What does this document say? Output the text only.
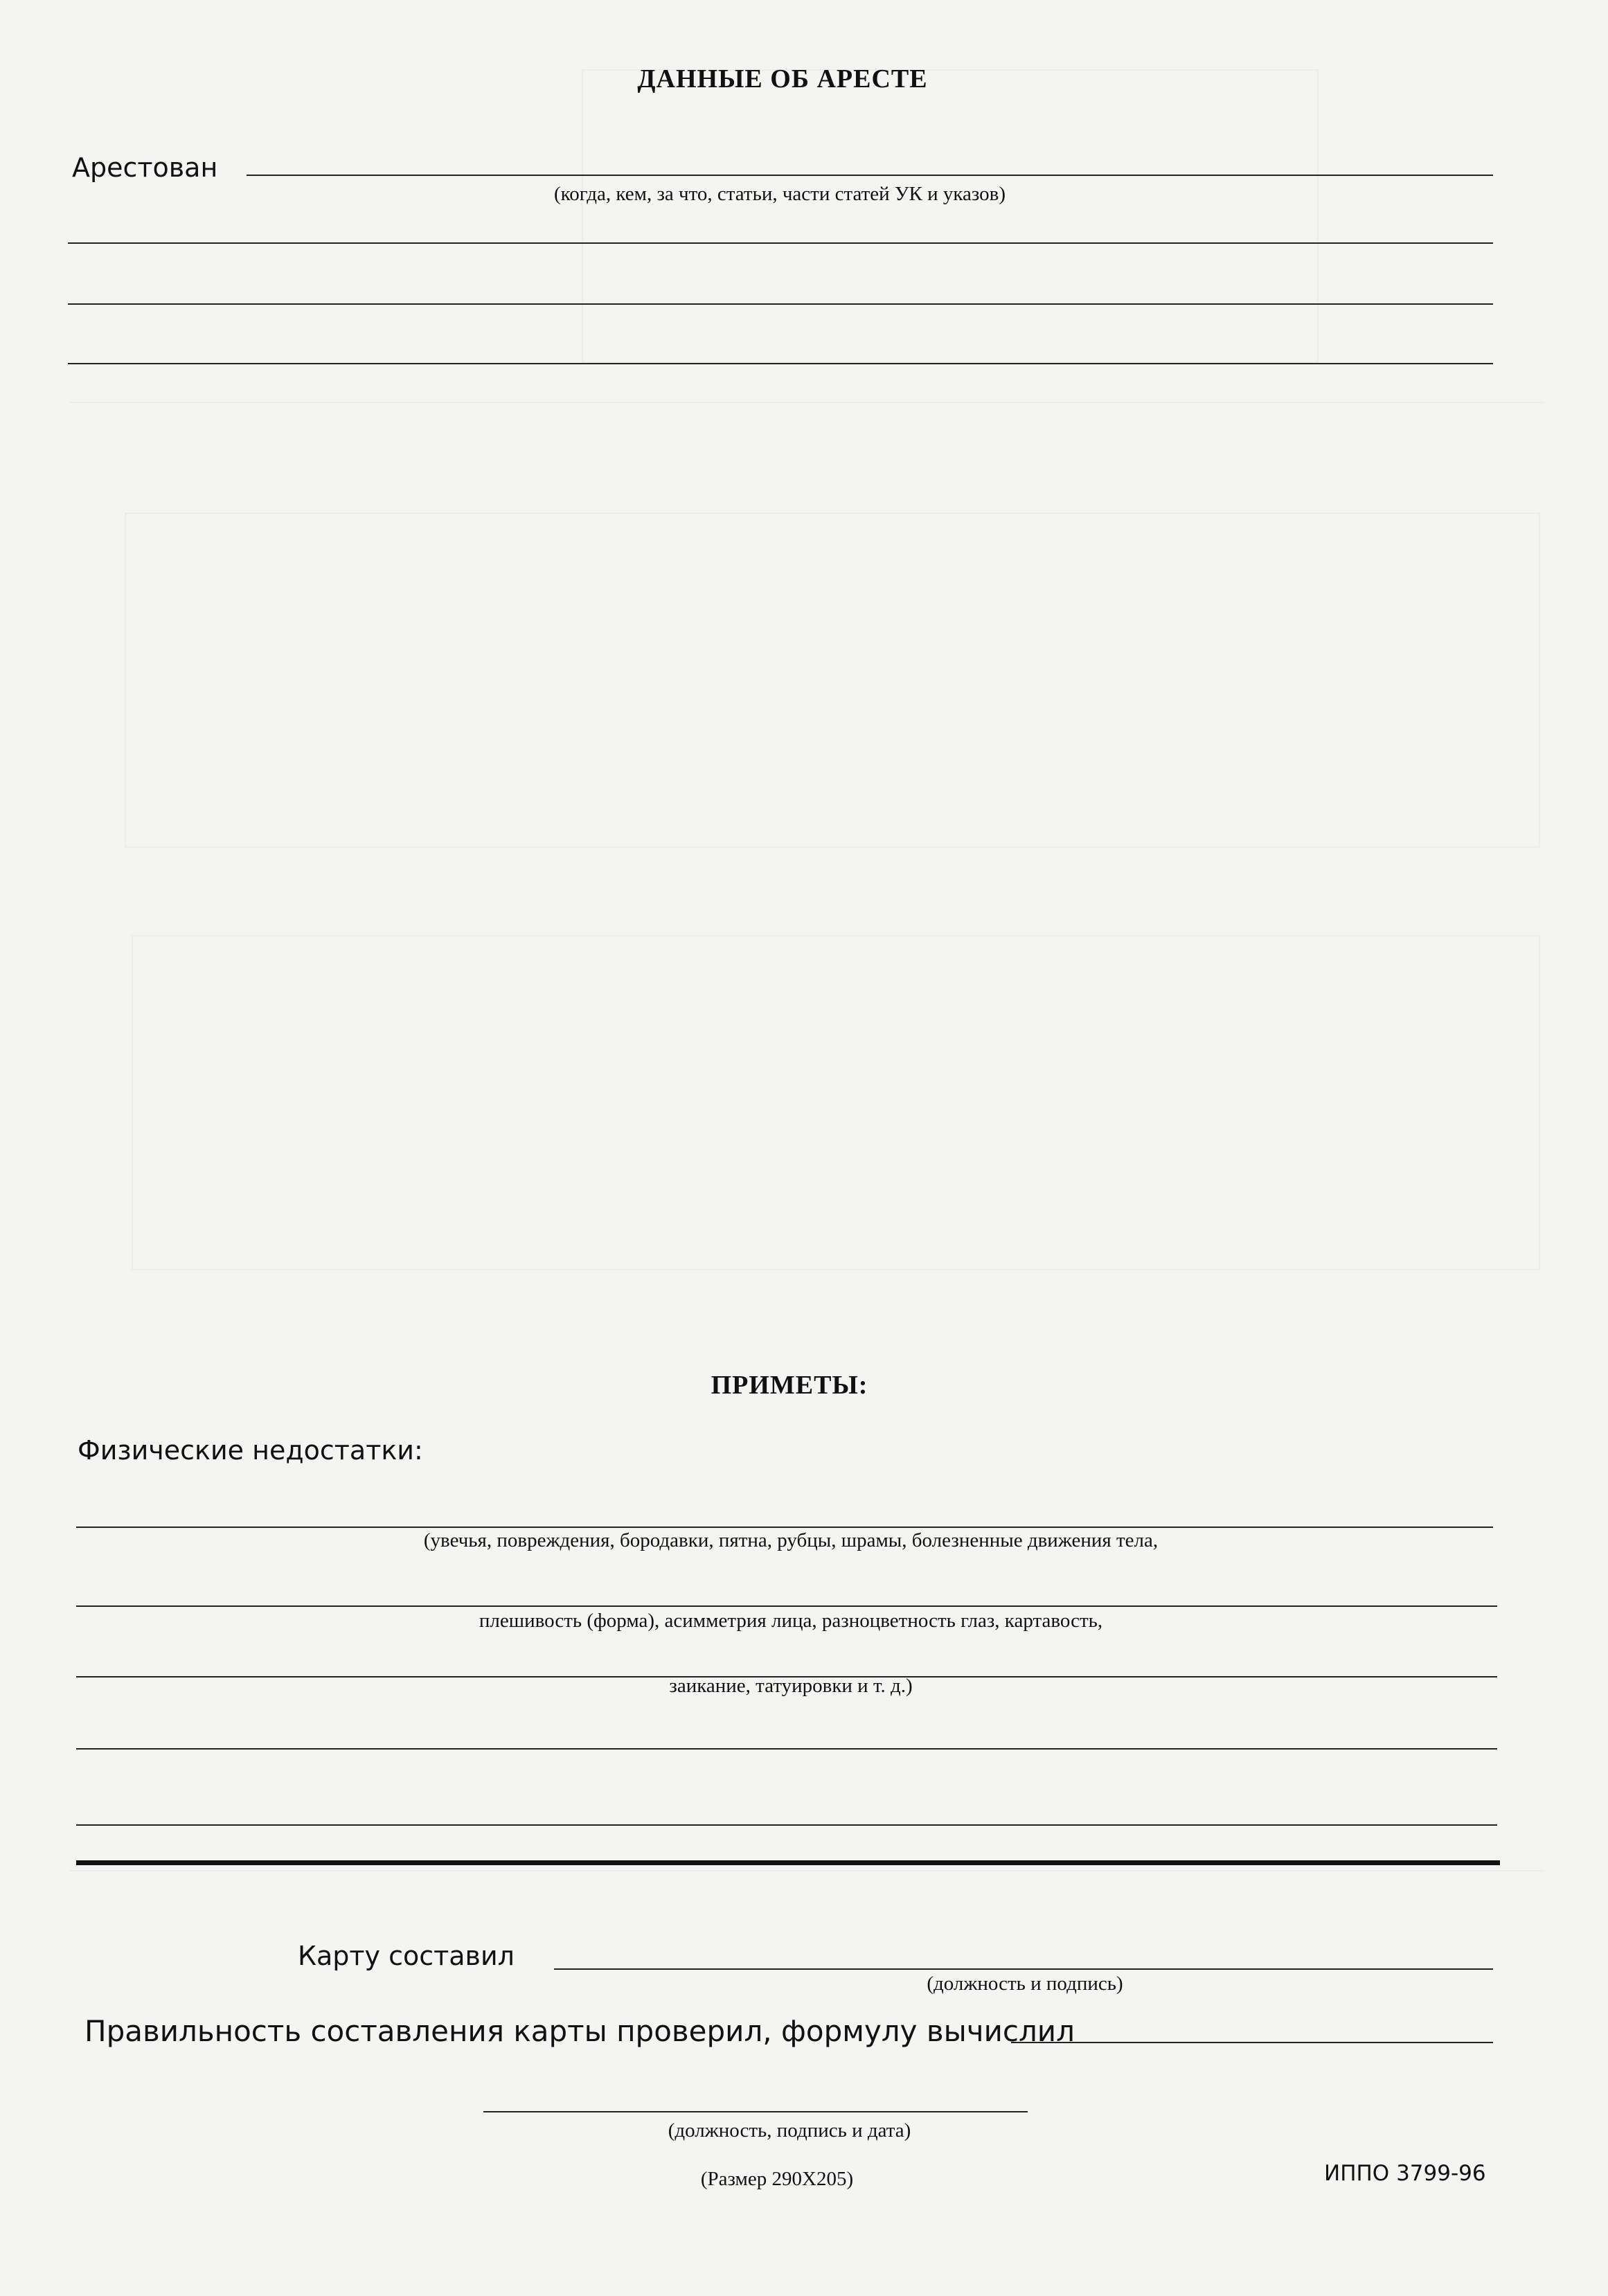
ДАННЫЕ ОБ АРЕСТЕ
Арестован
(когда, кем, за что, статьи, части статей УК и указов)
ПРИМЕТЫ:
Физические недостатки:
(увечья, повреждения, бородавки, пятна, рубцы, шрамы, болезненные движения тела,
плешивость (форма), асимметрия лица, разноцветность глаз, картавость,
заикание, татуировки и т. д.)
Карту составил
(должность и подпись)
Правильность составления карты проверил, формулу вычислил
(должность, подпись и дата)
(Размер 290Х205)	ИППО 3799-96
